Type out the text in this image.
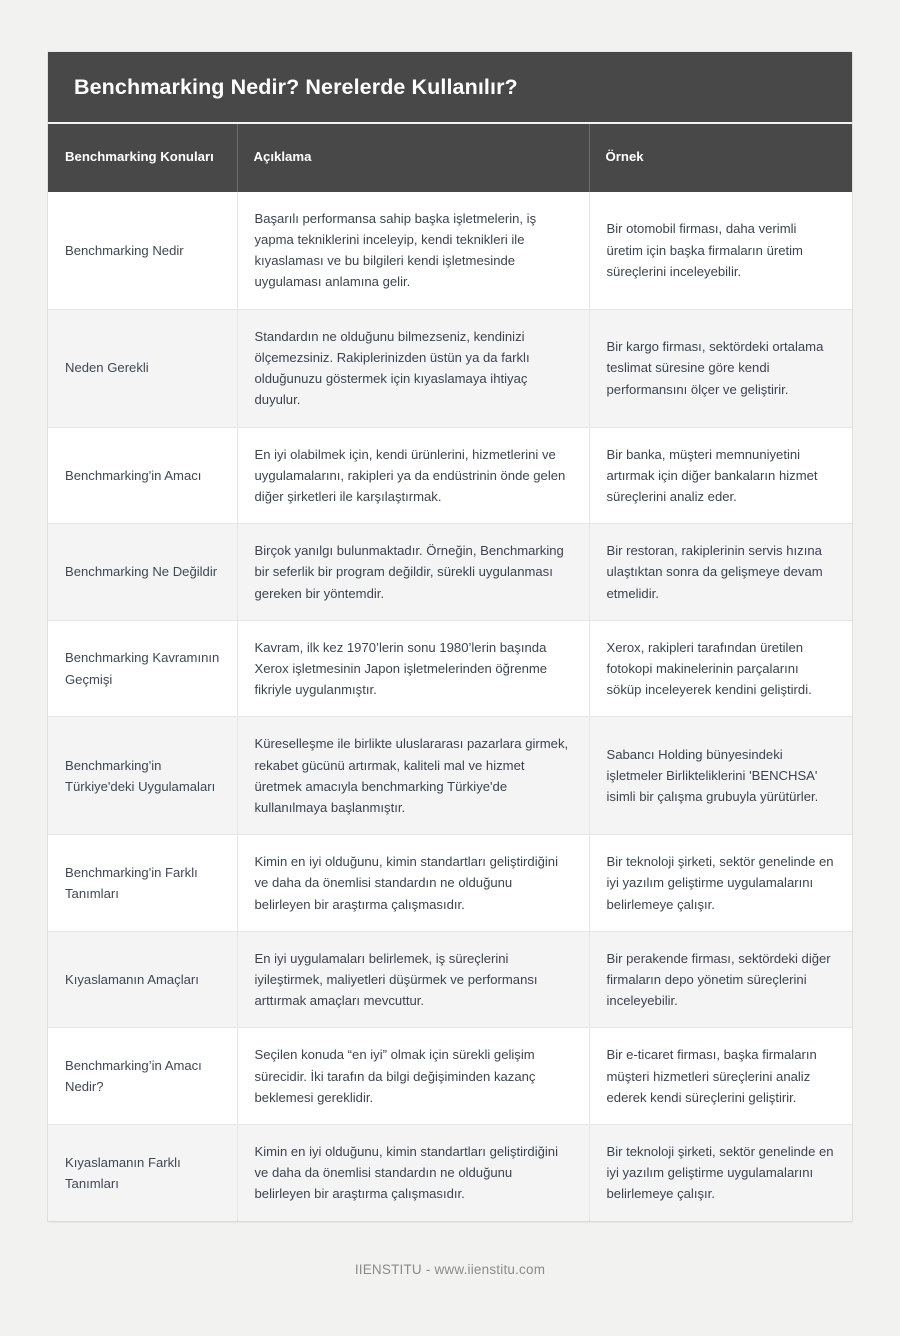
Benchmarking Nedir? Nerelerde Kullanılır?
Benchmarking Konuları	Açıklama	Örnek
Benchmarking Nedir	Başarılı performansa sahip başka işletmelerin, iş yapma tekniklerini inceleyip, kendi teknikleri ile kıyaslaması ve bu bilgileri kendi işletmesinde uygulaması anlamına gelir.	Bir otomobil firması, daha verimli üretim için başka firmaların üretim süreçlerini inceleyebilir.
Neden Gerekli	Standardın ne olduğunu bilmezseniz, kendinizi ölçemezsiniz. Rakiplerinizden üstün ya da farklı olduğunuzu göstermek için kıyaslamaya ihtiyaç duyulur.	Bir kargo firması, sektördeki ortalama teslimat süresine göre kendi performansını ölçer ve geliştirir.
Benchmarking'in Amacı	En iyi olabilmek için, kendi ürünlerini, hizmetlerini ve uygulamalarını, rakipleri ya da endüstrinin önde gelen diğer şirketleri ile karşılaştırmak.	Bir banka, müşteri memnuniyetini artırmak için diğer bankaların hizmet süreçlerini analiz eder.
Benchmarking Ne Değildir	Birçok yanılgı bulunmaktadır. Örneğin, Benchmarking bir seferlik bir program değildir, sürekli uygulanması gereken bir yöntemdir.	Bir restoran, rakiplerinin servis hızına ulaştıktan sonra da gelişmeye devam etmelidir.
Benchmarking Kavramının Geçmişi	Kavram, ilk kez 1970’lerin sonu 1980’lerin başında Xerox işletmesinin Japon işletmelerinden öğrenme fikriyle uygulanmıştır.	Xerox, rakipleri tarafından üretilen fotokopi makinelerinin parçalarını söküp inceleyerek kendini geliştirdi.
Benchmarking'in Türkiye'deki Uygulamaları	Küreselleşme ile birlikte uluslararası pazarlara girmek, rekabet gücünü artırmak, kaliteli mal ve hizmet üretmek amacıyla benchmarking Türkiye'de kullanılmaya başlanmıştır.	Sabancı Holding bünyesindeki işletmeler Birlikteliklerini 'BENCHSA' isimli bir çalışma grubuyla yürütürler.
Benchmarking'in Farklı Tanımları	Kimin en iyi olduğunu, kimin standartları geliştirdiğini ve daha da önemlisi standardın ne olduğunu belirleyen bir araştırma çalışmasıdır.	Bir teknoloji şirketi, sektör genelinde en iyi yazılım geliştirme uygulamalarını belirlemeye çalışır.
Kıyaslamanın Amaçları	En iyi uygulamaları belirlemek, iş süreçlerini iyileştirmek, maliyetleri düşürmek ve performansı arttırmak amaçları mevcuttur.	Bir perakende firması, sektördeki diğer firmaların depo yönetim süreçlerini inceleyebilir.
Benchmarking’in Amacı Nedir?	Seçilen konuda “en iyi” olmak için sürekli gelişim sürecidir. İki tarafın da bilgi değişiminden kazanç beklemesi gereklidir.	Bir e-ticaret firması, başka firmaların müşteri hizmetleri süreçlerini analiz ederek kendi süreçlerini geliştirir.
Kıyaslamanın Farklı Tanımları	Kimin en iyi olduğunu, kimin standartları geliştirdiğini ve daha da önemlisi standardın ne olduğunu belirleyen bir araştırma çalışmasıdır.	Bir teknoloji şirketi, sektör genelinde en iyi yazılım geliştirme uygulamalarını belirlemeye çalışır.
IIENSTITU - www.iienstitu.com
